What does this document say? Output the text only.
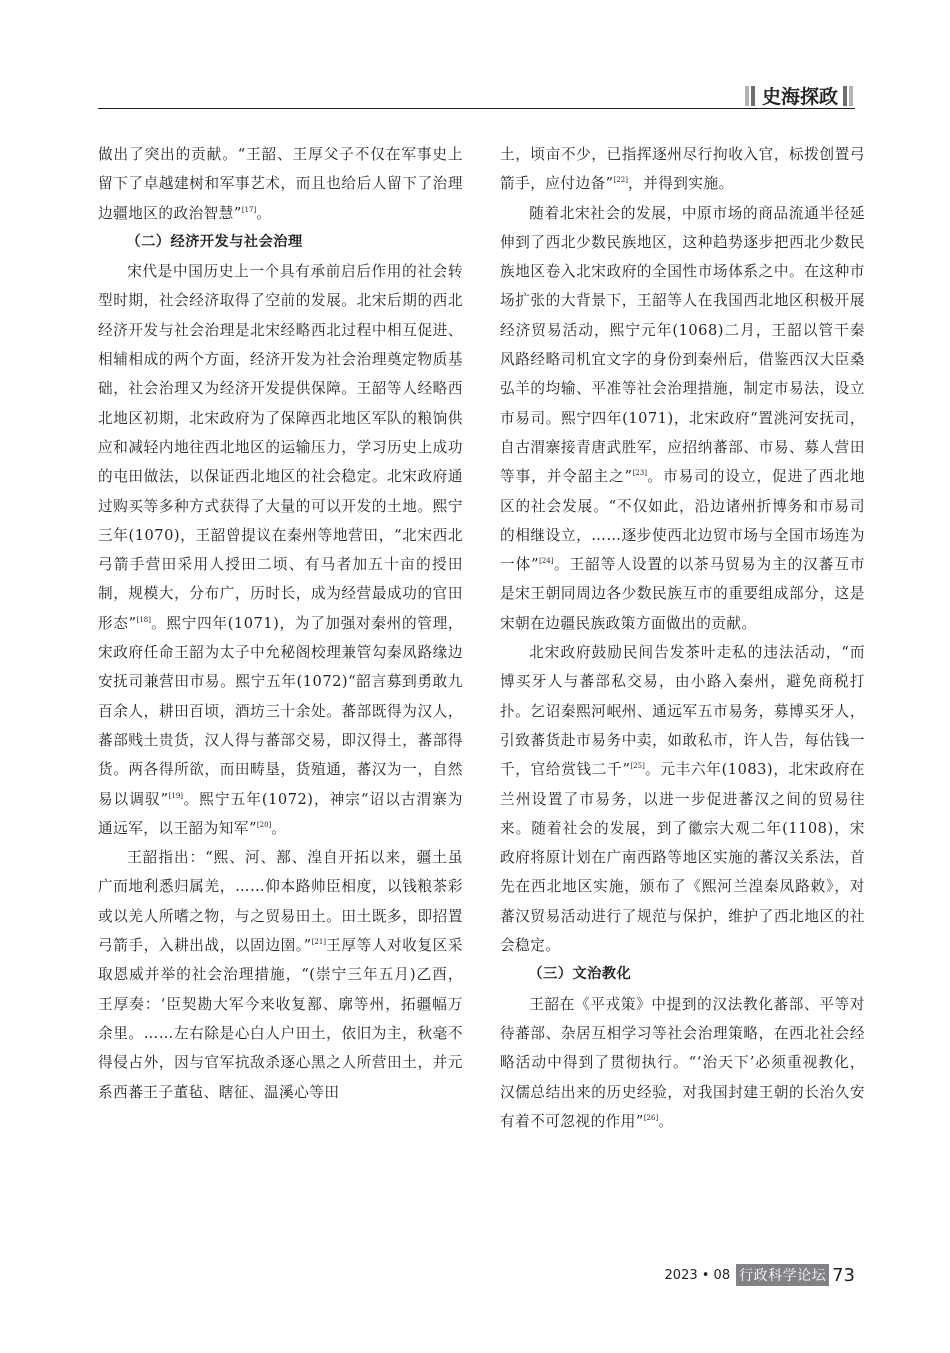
史海探政

做出了突出的贡献。“王韶、王厚父子不仅在军事史上留下了卓越建树和军事艺术，而且也给后人留下了治理边疆地区的政治智慧”[17]。

（二）经济开发与社会治理

宋代是中国历史上一个具有承前启后作用的社会转型时期，社会经济取得了空前的发展。北宋后期的西北经济开发与社会治理是北宋经略西北过程中相互促进、相辅相成的两个方面，经济开发为社会治理奠定物质基础，社会治理又为经济开发提供保障。王韶等人经略西北地区初期，北宋政府为了保障西北地区军队的粮饷供应和减轻内地往西北地区的运输压力，学习历史上成功的屯田做法，以保证西北地区的社会稳定。北宋政府通过购买等多种方式获得了大量的可以开发的土地。熙宁三年(1070)，王韶曾提议在秦州等地营田，“北宋西北弓箭手营田采用人授田二顷、有马者加五十亩的授田制，规模大，分布广，历时长，成为经营最成功的官田形态”[18]。熙宁四年(1071)，为了加强对秦州的管理，宋政府任命王韶为太子中允秘阁校理兼管勾秦凤路缘边安抚司兼营田市易。熙宁五年(1072)“韶言募到勇敢九百余人，耕田百顷，酒坊三十余处。蕃部既得为汉人，蕃部贱土贵货，汉人得与蕃部交易，即汉得土，蕃部得货。两各得所欲，而田畴垦，货殖通，蕃汉为一，自然易以调驭”[19]。熙宁五年(1072)，神宗“诏以古渭寨为通远军，以王韶为知军”[20]。

王韶指出：“熙、河、鄯、湟自开拓以来，疆土虽广而地利悉归属羌，……仰本路帅臣相度，以钱粮茶彩或以羌人所嗜之物，与之贸易田土。田土既多，即招置弓箭手，入耕出战，以固边圉。”[21]王厚等人对收复区采取恩威并举的社会治理措施，“(崇宁三年五月)乙酉，王厚奏：‘臣契勘大军今来收复鄯、廓等州，拓疆幅万余里。……左右除是心白人户田土，依旧为主，秋毫不得侵占外，因与官军抗敌杀逐心黑之人所营田土，并元系西蕃王子董毡、瞎征、温溪心等田

土，顷亩不少，已指挥逐州尽行拘收入官，标拨创置弓箭手，应付边备”[22]，并得到实施。

随着北宋社会的发展，中原市场的商品流通半径延伸到了西北少数民族地区，这种趋势逐步把西北少数民族地区卷入北宋政府的全国性市场体系之中。在这种市场扩张的大背景下，王韶等人在我国西北地区积极开展经济贸易活动，熙宁元年(1068)二月，王韶以管干秦风路经略司机宜文字的身份到秦州后，借鉴西汉大臣桑弘羊的均输、平准等社会治理措施，制定市易法，设立市易司。熙宁四年(1071)，北宋政府“置洮河安抚司，自古渭寨接青唐武胜军，应招纳蕃部、市易、募人营田等事，并令韶主之”[23]。市易司的设立，促进了西北地区的社会发展。“不仅如此，沿边诸州折博务和市易司的相继设立，……逐步使西北边贸市场与全国市场连为一体”[24]。王韶等人设置的以茶马贸易为主的汉蕃互市是宋王朝同周边各少数民族互市的重要组成部分，这是宋朝在边疆民族政策方面做出的贡献。

北宋政府鼓励民间告发茶叶走私的违法活动，“而博买牙人与蕃部私交易，由小路入秦州，避免商税打扑。乞诏秦熙河岷州、通远军五市易务，募博买牙人，引致蕃货赴市易务中卖，如敢私市，许人告，每估钱一千，官给赏钱二千”[25]。元丰六年(1083)，北宋政府在兰州设置了市易务，以进一步促进蕃汉之间的贸易往来。随着社会的发展，到了徽宗大观二年(1108)，宋政府将原计划在广南西路等地区实施的蕃汉关系法，首先在西北地区实施，颁布了《熙河兰湟秦凤路敕》，对蕃汉贸易活动进行了规范与保护，维护了西北地区的社会稳定。

（三）文治教化

王韶在《平戎策》中提到的汉法教化蕃部、平等对待蕃部、杂居互相学习等社会治理策略，在西北社会经略活动中得到了贯彻执行。“‘治天下’必须重视教化，汉儒总结出来的历史经验，对我国封建王朝的长治久安有着不可忽视的作用”[26]。

2023 • 08 行政科学论坛 73
